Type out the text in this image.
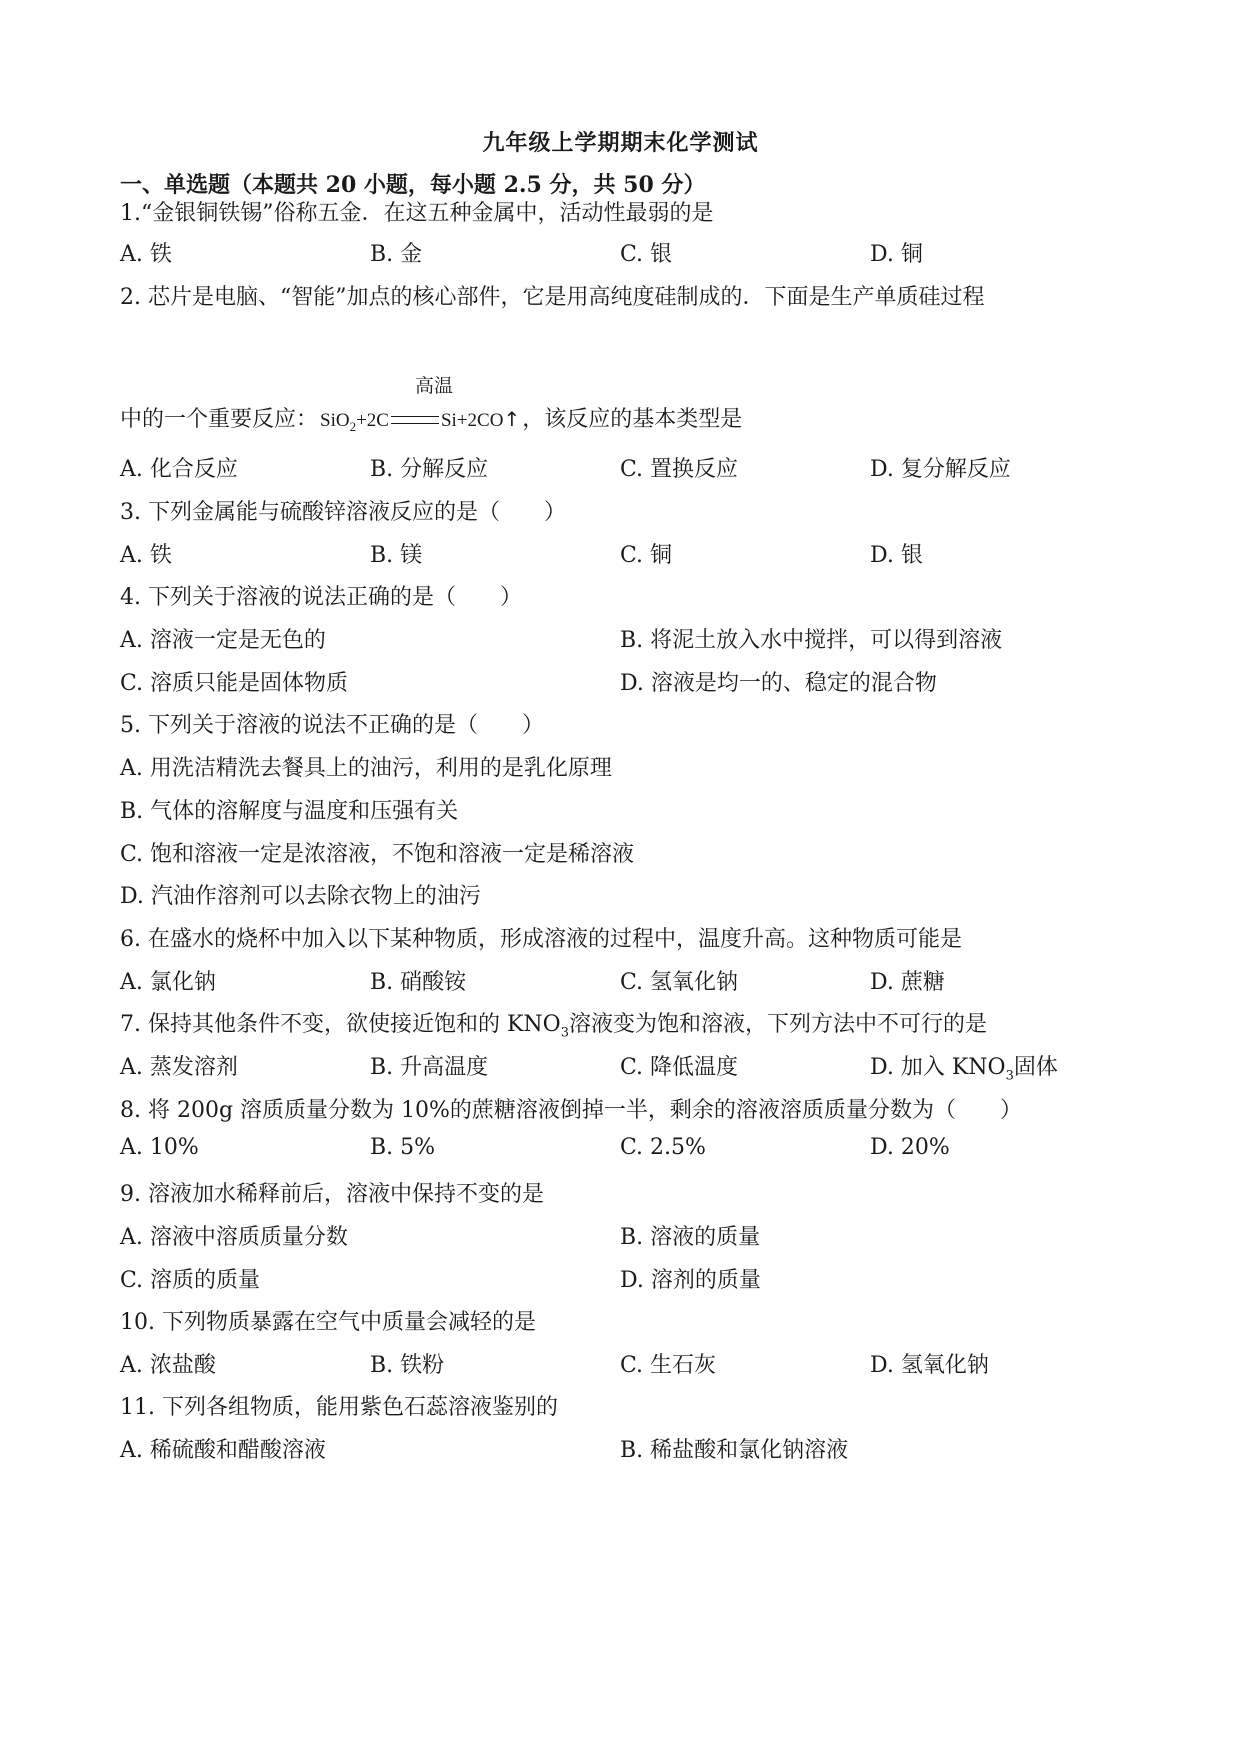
九年级上学期期末化学测试
一、单选题（本题共 20 小题，每小题 2.5 分，共 50 分）
1.“金银铜铁锡”俗称五金．在这五种金属中，活动性最弱的是
A. 铁	B. 金	C. 银	D. 铜
2. 芯片是电脑、“智能”加点的核心部件，它是用高纯度硅制成的．下面是生产单质硅过程
中的一个重要反应：
高温
SiO$_2$+2C	Si+2CO↑，该反应的基本类型是
A. 化合反应	B. 分解反应	C. 置换反应	D. 复分解反应
3. 下列金属能与硫酸锌溶液反应的是（　　）
A. 铁	B. 镁	C. 铜	D. 银
4. 下列关于溶液的说法正确的是（　　）
A. 溶液一定是无色的	B. 将泥土放入水中搅拌，可以得到溶液
C. 溶质只能是固体物质	D. 溶液是均一的、稳定的混合物
5. 下列关于溶液的说法不正确的是（　　）
A. 用洗洁精洗去餐具上的油污，利用的是乳化原理
B. 气体的溶解度与温度和压强有关
C. 饱和溶液一定是浓溶液，不饱和溶液一定是稀溶液
D. 汽油作溶剂可以去除衣物上的油污
6. 在盛水的烧杯中加入以下某种物质，形成溶液的过程中，温度升高。这种物质可能是
A. 氯化钠	B. 硝酸铵	C. 氢氧化钠	D. 蔗糖
7. 保持其他条件不变，欲使接近饱和的 $KNO_3$溶液变为饱和溶液，下列方法中不可行的是
A. 蒸发溶剂	B. 升高温度	C. 降低温度	D. 加入 $KNO_3$固体
8. 将 200g 溶质质量分数为 10%的蔗糖溶液倒掉一半，剩余的溶液溶质质量分数为（　　）
A. 10%	B. 5%	C. 2.5%	D. 20%
9. 溶液加水稀释前后，溶液中保持不变的是
A. 溶液中溶质质量分数	B. 溶液的质量
C. 溶质的质量	D. 溶剂的质量
10. 下列物质暴露在空气中质量会减轻的是
A. 浓盐酸	B. 铁粉	C. 生石灰	D. 氢氧化钠
11. 下列各组物质，能用紫色石蕊溶液鉴别的
A. 稀硫酸和醋酸溶液	B. 稀盐酸和氯化钠溶液
